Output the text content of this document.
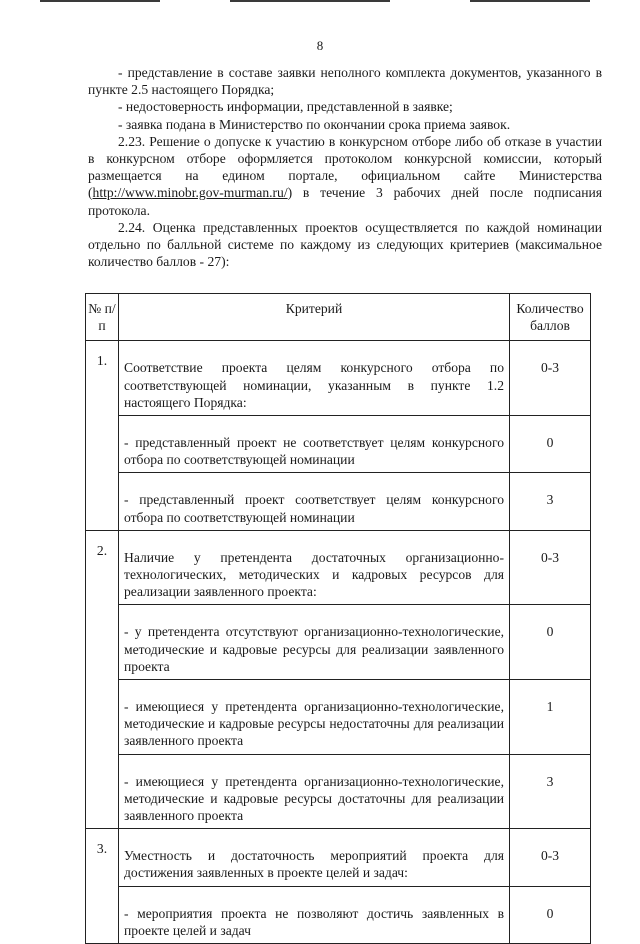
8

- представление в составе заявки неполного комплекта документов, указанного в пункте 2.5 настоящего Порядка;

- недостоверность информации, представленной в заявке;

- заявка подана в Министерство по окончании срока приема заявок.

2.23. Решение о допуске к участию в конкурсном отборе либо об отказе в участии в конкурсном отборе оформляется протоколом конкурсной комиссии, который размещается на едином портале, официальном сайте Министерства (http://www.minobr.gov-murman.ru/) в течение 3 рабочих дней после подписания протокола.

2.24. Оценка представленных проектов осуществляется по каждой номинации отдельно по балльной системе по каждому из следующих критериев (максимальное количество баллов - 27):

№ п/п	Критерий	Количество баллов
1.		
	Соответствие проекта целям конкурсного отбора по соответствующей номинации, указанным в пункте 1.2 настоящего Порядка:	0-3

	- представленный проект не соответствует целям конкурсного отбора по соответствующей номинации	0

	- представленный проект соответствует целям конкурсного отбора по соответствующей номинации	3
2.		
	Наличие у претендента достаточных организационно-технологических, методических и кадровых ресурсов для реализации заявленного проекта:	0-3

	- у претендента отсутствуют организационно-технологические, методические и кадровые ресурсы для реализации заявленного проекта	0

	- имеющиеся у претендента организационно-технологические, методические и кадровые ресурсы недостаточны для реализации заявленного проекта	1

	- имеющиеся у претендента организационно-технологические, методические и кадровые ресурсы достаточны для реализации заявленного проекта	3
3.		
	Уместность и достаточность мероприятий проекта для достижения заявленных в проекте целей и задач:	0-3

	- мероприятия проекта не позволяют достичь заявленных в проекте целей и задач	0
